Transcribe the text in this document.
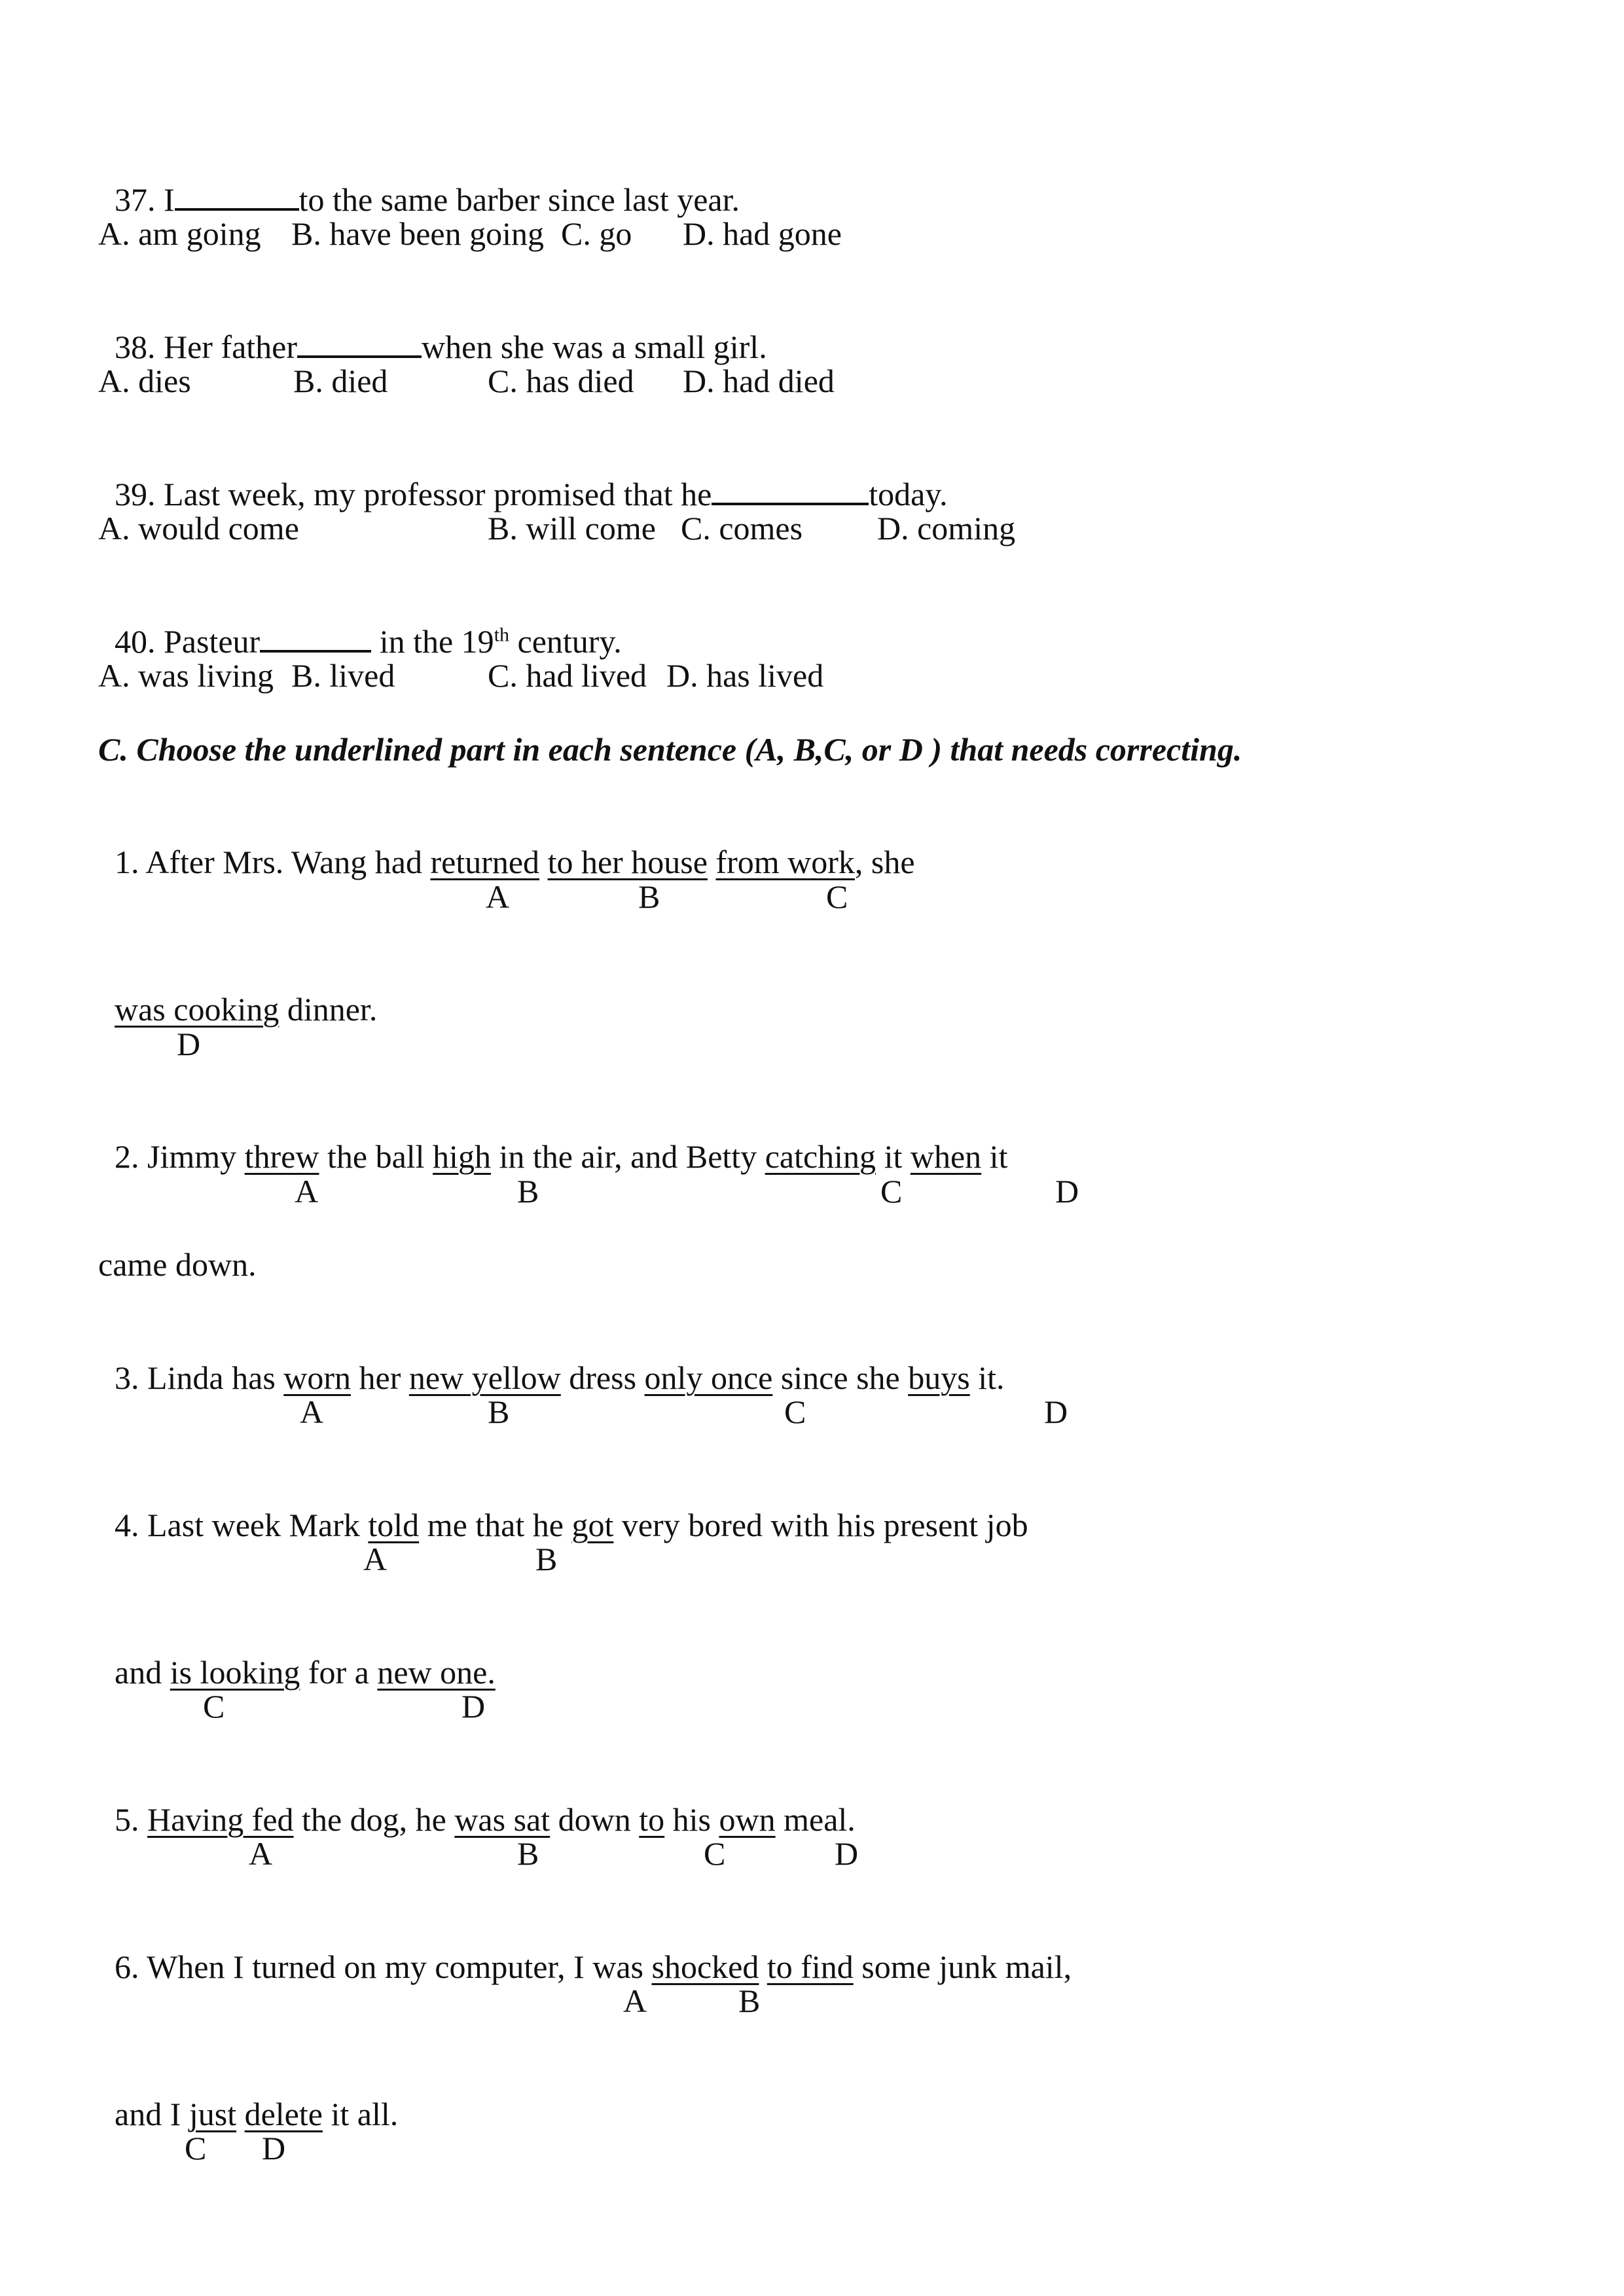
37. I	to the same barber since last year.

A. am going B. have been going C. go D. had gone

38. Her father	when she was a small girl.

A. dies	B. died	C. has died D. had died

39. Last week, my professor promised that he	today.

A. would come	B. will come C. comes D. coming

40. Pasteur	in the 19th century.

A. was living B. lived	C. had lived D. has lived
C. Choose the underlined part in each sentence (A, B,C, or D ) that needs correcting.

1. After Mrs. Wang had returned to her house from work, she

A	B	C

was cooking dinner.

D

2. Jimmy threw the ball high in the air, and Betty catching it when it

A	B	C	D
came down.

3. Linda has worn her new yellow dress only once since she buys it.

A	B	C	D

4. Last week Mark told me that he got very bored with his present job

A	B

and is looking for a new one.

C	D

5. Having fed the dog, he was sat down to his own meal.

A	B	C	D

6. When I turned on my computer, I was shocked to find some junk mail,

A	B

and I just delete it all.

C D
